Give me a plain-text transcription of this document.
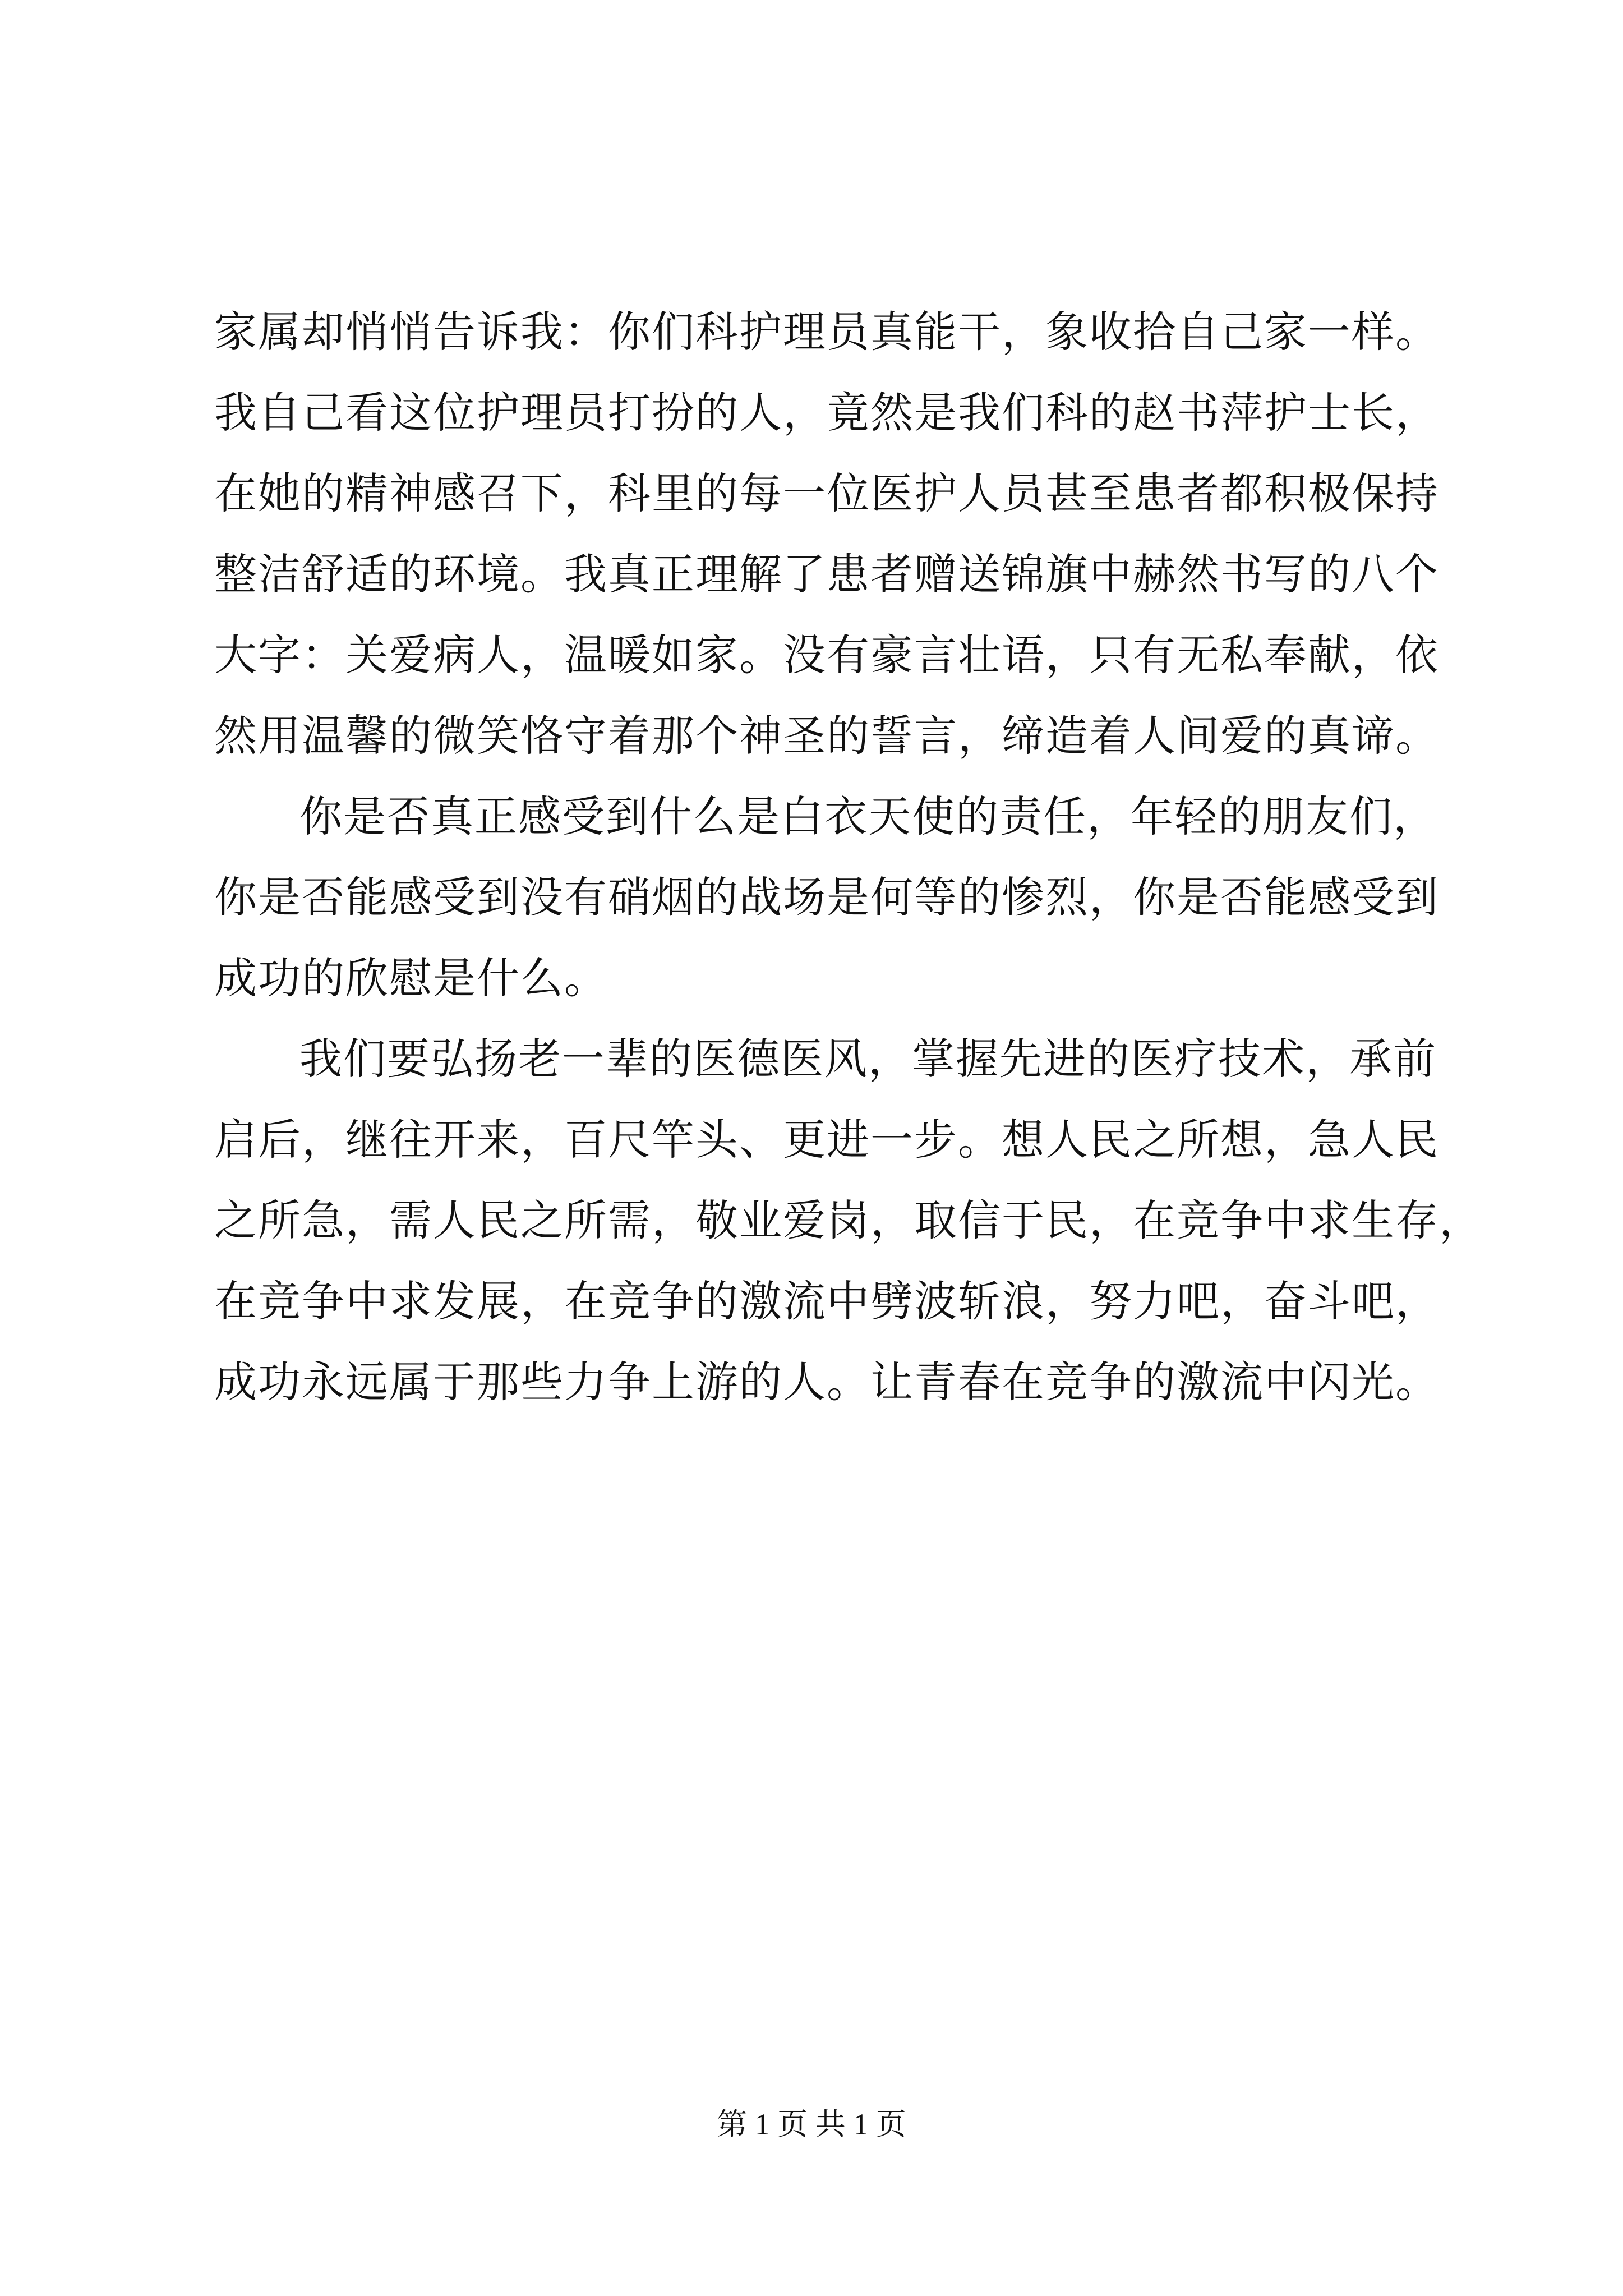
家属却悄悄告诉我：你们科护理员真能干，象收拾自己家一样。
我自己看这位护理员打扮的人，竟然是我们科的赵书萍护士长，
在她的精神感召下，科里的每一位医护人员甚至患者都积极保持
整洁舒适的环境。我真正理解了患者赠送锦旗中赫然书写的八个
大字：关爱病人，温暖如家。没有豪言壮语，只有无私奉献，依
然用温馨的微笑恪守着那个神圣的誓言，缔造着人间爱的真谛。
你是否真正感受到什么是白衣天使的责任，年轻的朋友们，
你是否能感受到没有硝烟的战场是何等的惨烈，你是否能感受到
成功的欣慰是什么。
我们要弘扬老一辈的医德医风，掌握先进的医疗技术，承前
启后，继往开来，百尺竿头、更进一步。想人民之所想，急人民
之所急，需人民之所需，敬业爱岗，取信于民，在竞争中求生存，
在竞争中求发展，在竞争的激流中劈波斩浪，努力吧，奋斗吧，
成功永远属于那些力争上游的人。让青春在竞争的激流中闪光。
第 1 页 共 1 页
